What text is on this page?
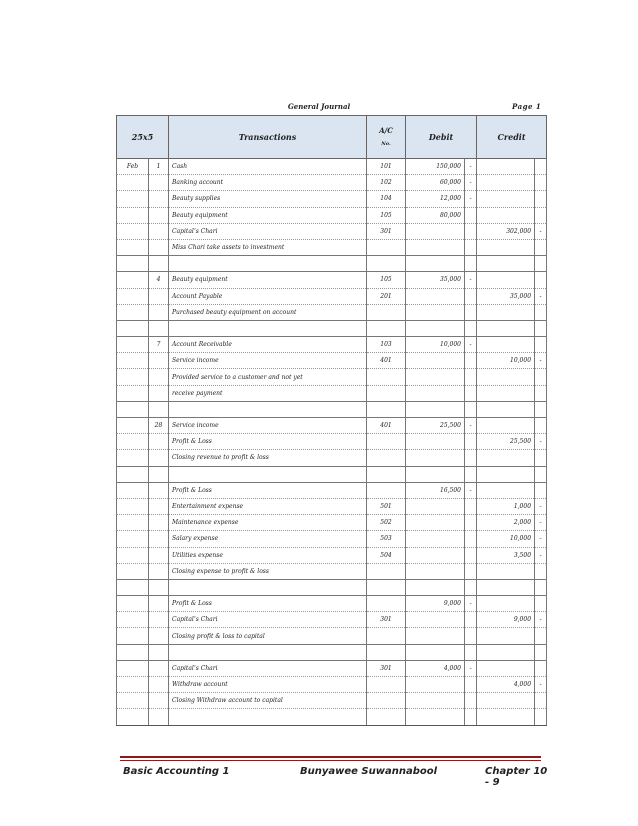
General Journal	Page 1
25x5		Transactions	A/C
No.	Debit		Credit	
Feb	1	Cash	101	150,000	-		
		Banking account	102	60,000	-		
		Beauty supplies	104	12,000	-		
		Beauty equipment	105	80,000			
		Capital’s Chari	301			302,000	-
		Miss Chari take assets to investment					

	4	Beauty equipment	105	35,000	-		
		Account Payable	201			35,000	-
		Purchased beauty equipment on account					

	7	Account Receivable	103	10,000	-		
		Service income	401			10,000	-
		Provided service to a customer and not yet					
		receive payment					

	28	Service income	401	25,500	-		
		Profit & Loss				25,500	-
		Closing revenue to profit & loss					

		Profit & Loss		16,500	-		
		Entertainment expense	501			1,000	-
		Maintenance expense	502			2,000	-
		Salary expense	503			10,000	-
		Utilities expense	504			3,500	-
		Closing expense to profit & loss					

		Profit & Loss		9,000	-		
		Capital’s Chari	301			9,000	-
		Closing profit & loss to capital					

		Capital’s Chari	301	4,000	-		
		Withdraw account				4,000	-
		Closing Withdraw account to capital					

Basic Accounting 1	Bunyawee Suwannabool	Chapter 10 - 9
